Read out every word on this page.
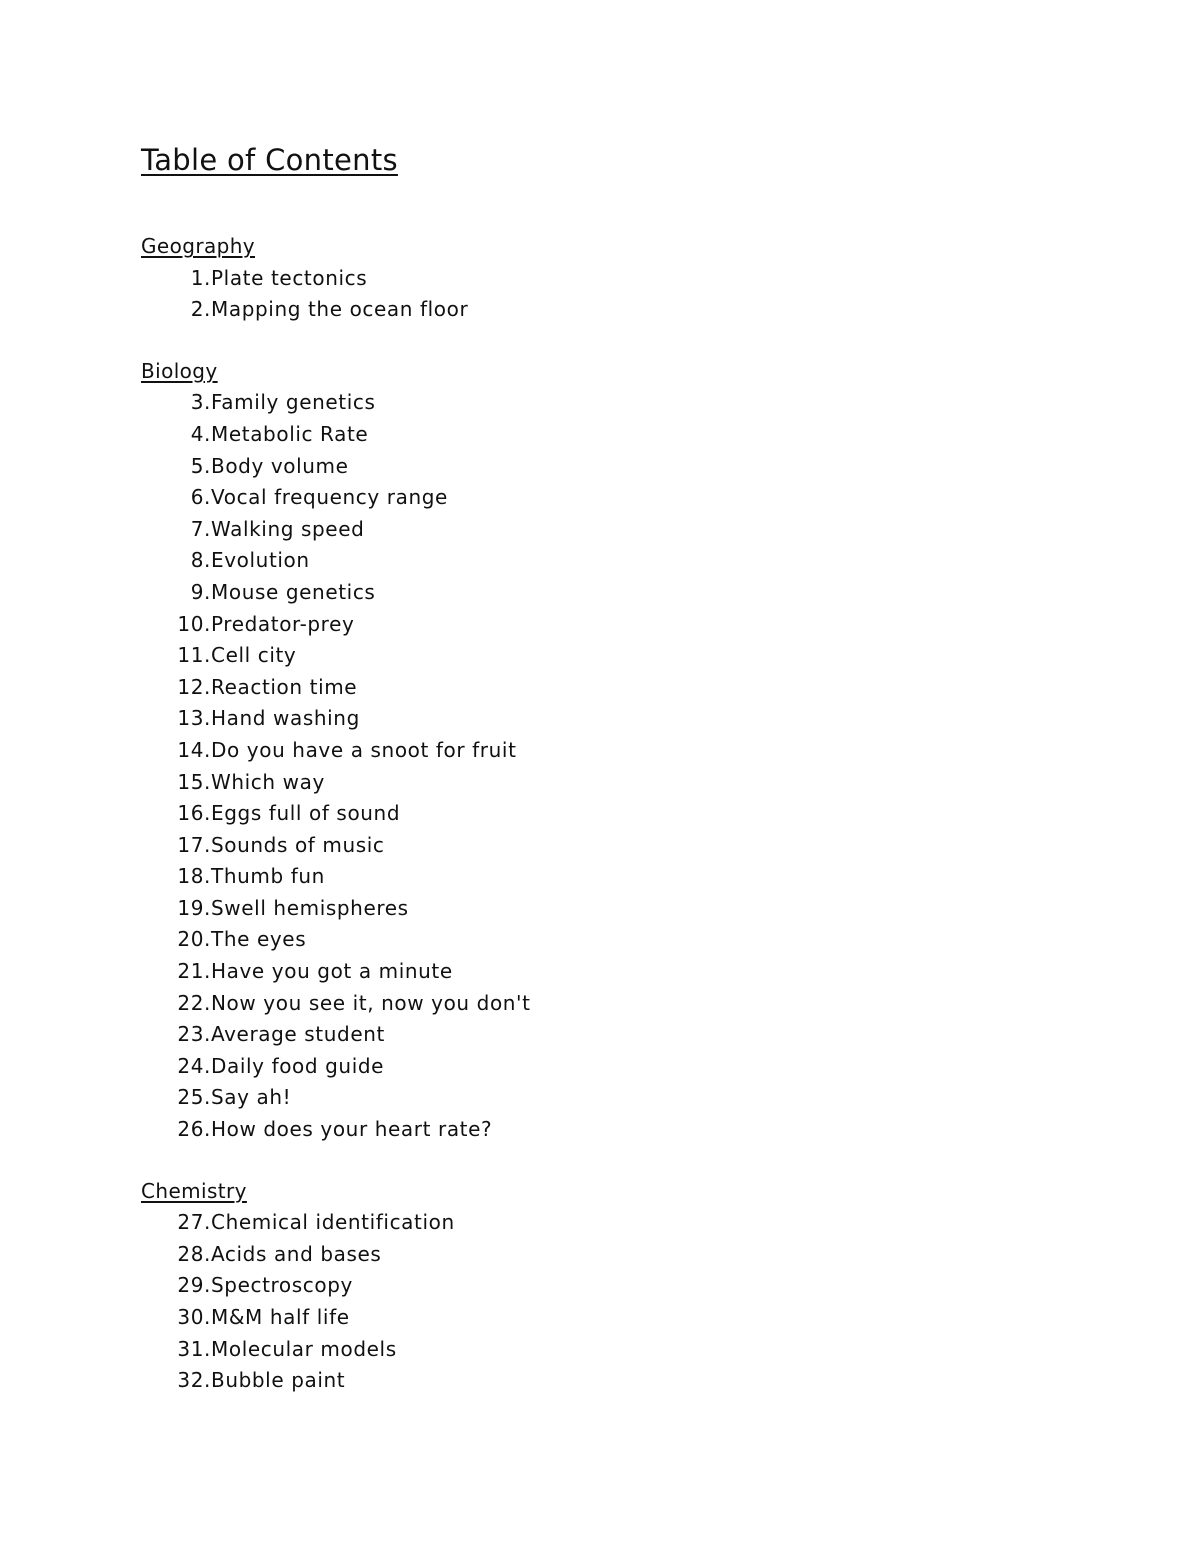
Table of Contents
Geography
1. Plate tectonics
2. Mapping the ocean floor
Biology
3. Family genetics
4. Metabolic Rate
5. Body volume
6. Vocal frequency range
7. Walking speed
8. Evolution
9. Mouse genetics
10. Predator-prey
11. Cell city
12. Reaction time
13. Hand washing
14. Do you have a snoot for fruit
15. Which way
16. Eggs full of sound
17. Sounds of music
18. Thumb fun
19. Swell hemispheres
20. The eyes
21. Have you got a minute
22. Now you see it, now you don't
23. Average student
24. Daily food guide
25. Say ah!
26. How does your heart rate?
Chemistry
27. Chemical identification
28. Acids and bases
29. Spectroscopy
30. M&M half life
31. Molecular models
32. Bubble paint
